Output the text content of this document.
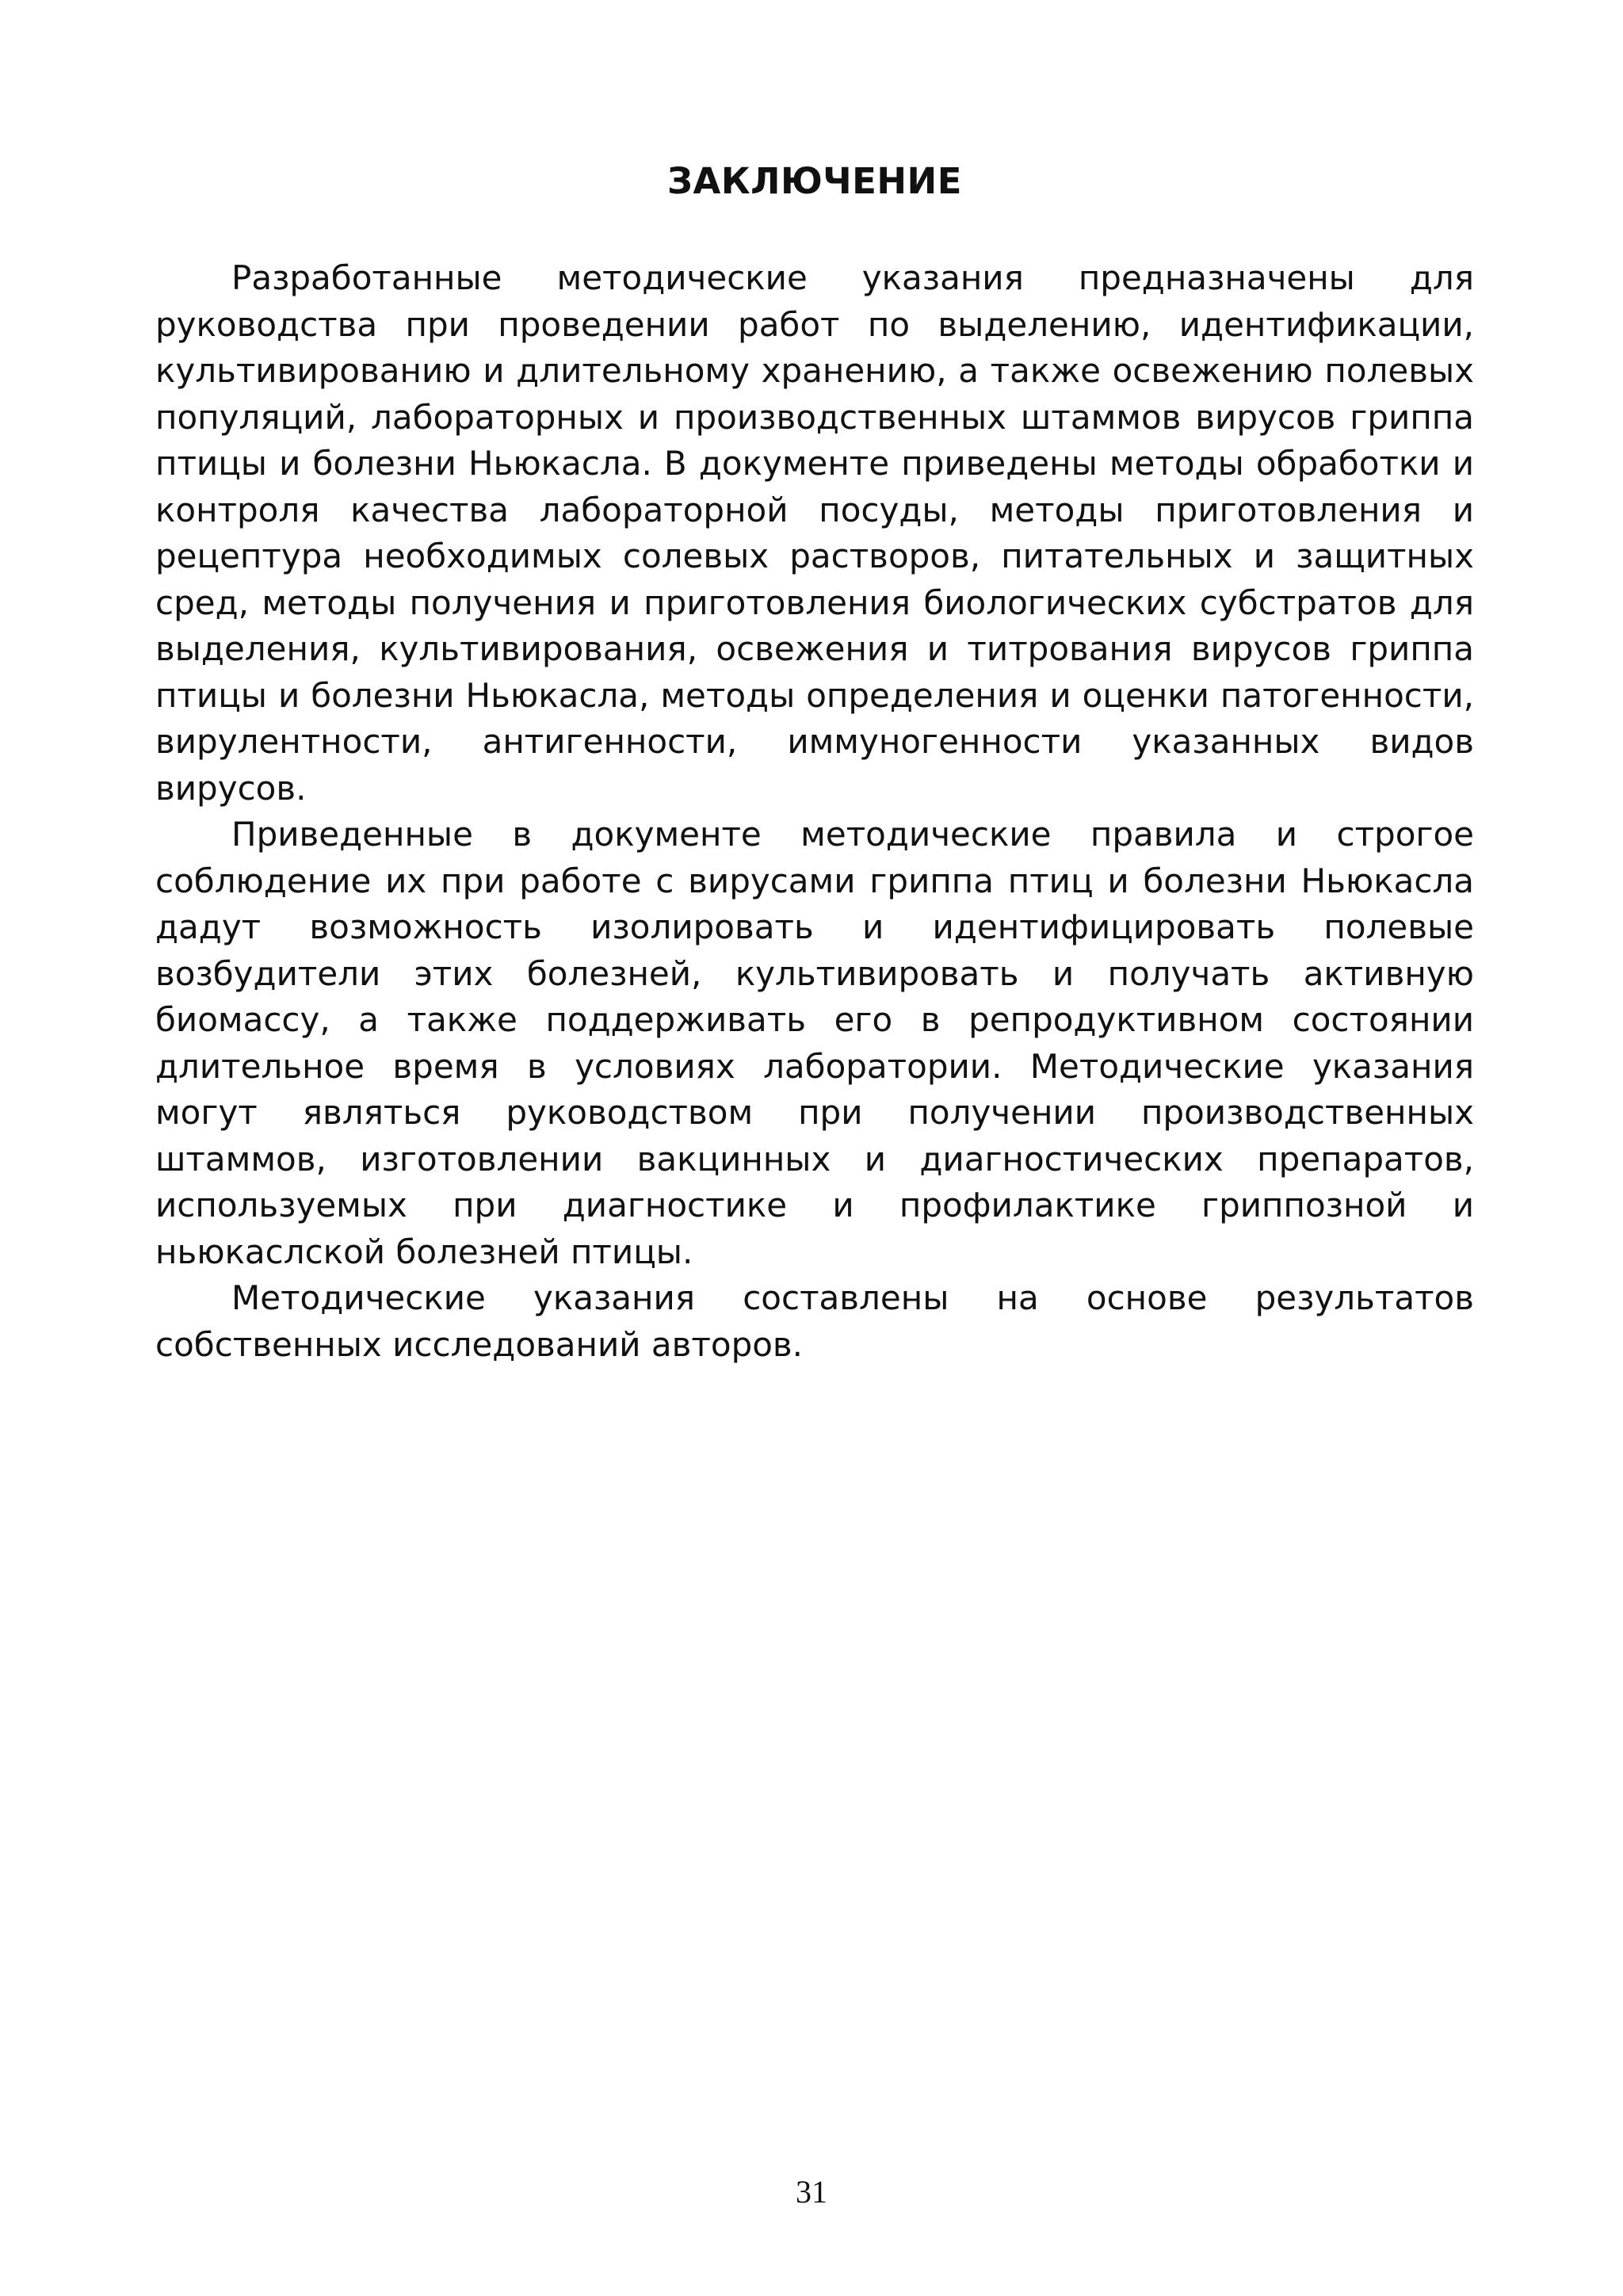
ЗАКЛЮЧЕНИЕ

Разработанные методические указания предназначены для руководства при проведении работ по выделению, идентификации, культивированию и длительному хранению, а также освежению полевых популяций, лабораторных и производственных штаммов вирусов гриппа птицы и болезни Ньюкасла. В документе приведены методы обработки и контроля качества лабораторной посуды, методы приготовления и рецептура необходимых солевых растворов, питательных и защитных сред, методы получения и приготовления биологических субстратов для выделения, культивирования, освежения и титрования вирусов гриппа птицы и болезни Ньюкасла, методы определения и оценки патогенности, вирулентности, антигенности, иммуногенности указанных видов вирусов.

Приведенные в документе методические правила и строгое соблюдение их при работе с вирусами гриппа птиц и болезни Ньюкасла дадут возможность изолировать и идентифицировать полевые возбудители этих болезней, культивировать и получать активную биомассу, а также поддерживать его в репродуктивном состоянии длительное время в условиях лаборатории. Методические указания могут являться руководством при получении производственных штаммов, изготовлении вакцинных и диагностических препаратов, используемых при диагностике и профилактике гриппозной и ньюкаслской болезней птицы.

Методические указания составлены на основе результатов собственных исследований авторов.

31
